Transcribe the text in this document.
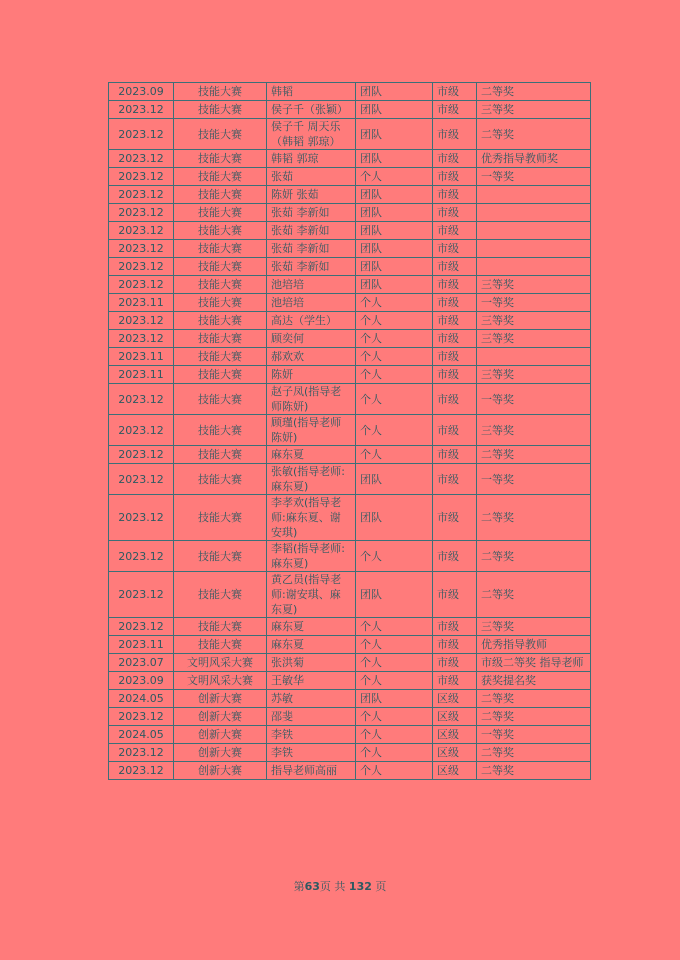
2023.09	技能大赛	韩韬	团队	市级	二等奖
2023.12	技能大赛	侯子千（张颖）	团队	市级	三等奖
2023.12	技能大赛	侯子千 周天乐（韩韬 郭琼）	团队	市级	二等奖
2023.12	技能大赛	韩韬 郭琼	团队	市级	优秀指导教师奖
2023.12	技能大赛	张茹	个人	市级	一等奖
2023.12	技能大赛	陈妍 张茹	团队	市级	
2023.12	技能大赛	张茹 李新如	团队	市级	
2023.12	技能大赛	张茹 李新如	团队	市级	
2023.12	技能大赛	张茹 李新如	团队	市级	
2023.12	技能大赛	张茹 李新如	团队	市级	
2023.12	技能大赛	池培培	团队	市级	三等奖
2023.11	技能大赛	池培培	个人	市级	一等奖
2023.12	技能大赛	高达（学生）	个人	市级	三等奖
2023.12	技能大赛	顾奕何	个人	市级	三等奖
2023.11	技能大赛	郝欢欢	个人	市级	
2023.11	技能大赛	陈妍	个人	市级	三等奖
2023.12	技能大赛	赵子凤(指导老师陈妍)	个人	市级	一等奖
2023.12	技能大赛	顾瑾(指导老师陈妍)	个人	市级	三等奖
2023.12	技能大赛	麻东夏	个人	市级	二等奖
2023.12	技能大赛	张敏(指导老师:麻东夏)	团队	市级	一等奖
2023.12	技能大赛	李孝欢(指导老师:麻东夏、谢安琪)	团队	市级	二等奖
2023.12	技能大赛	李韬(指导老师:麻东夏)	个人	市级	二等奖
2023.12	技能大赛	黄乙员(指导老师:谢安琪、麻东夏)	团队	市级	二等奖
2023.12	技能大赛	麻东夏	个人	市级	三等奖
2023.11	技能大赛	麻东夏	个人	市级	优秀指导教师
2023.07	文明风采大赛	张洪菊	个人	市级	市级二等奖 指导老师
2023.09	文明风采大赛	王敏华	个人	市级	获奖提名奖
2024.05	创新大赛	苏敏	团队	区级	二等奖
2023.12	创新大赛	邵斐	个人	区级	二等奖
2024.05	创新大赛	李铁	个人	区级	一等奖
2023.12	创新大赛	李铁	个人	区级	二等奖
2023.12	创新大赛	指导老师高丽	个人	区级	二等奖
第63页 共 132 页
